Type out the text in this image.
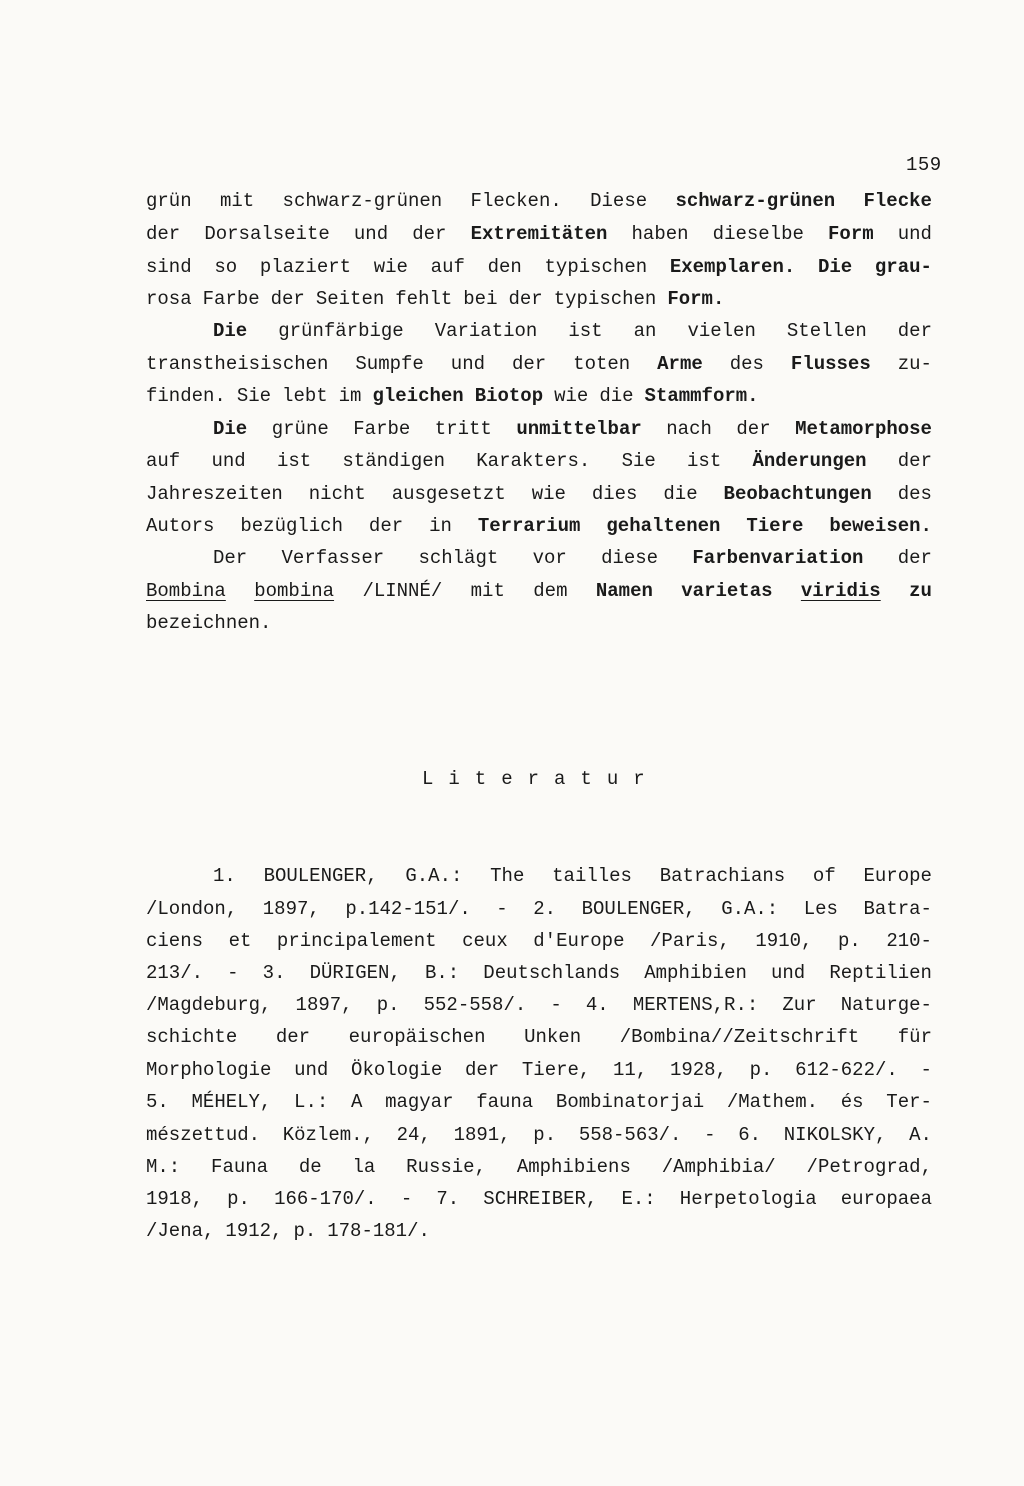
159
grün mit schwarz-grünen Flecken. Diese schwarz-grünen Flecke
der Dorsalseite und der Extremitäten haben dieselbe Form und
sind so plaziert wie auf den typischen Exemplaren. Die grau-
rosa Farbe der Seiten fehlt bei der typischen Form.
Die grünfärbige Variation ist an vielen Stellen der
transtheisischen Sumpfe und der toten Arme des Flusses zu-
finden. Sie lebt im gleichen Biotop wie die Stammform.
Die grüne Farbe tritt unmittelbar nach der Metamorphose
auf und ist ständigen Karakters. Sie ist Änderungen der
Jahreszeiten nicht ausgesetzt wie dies die Beobachtungen des
Autors bezüglich der in Terrarium gehaltenen Tiere beweisen.
Der Verfasser schlägt vor diese Farbenvariation der
Bombina bombina /LINNÉ/ mit dem Namen varietas viridis zu
bezeichnen.
Literatur
1. BOULENGER, G.A.: The tailles Batrachians of Europe
/London, 1897, p.142-151/. - 2. BOULENGER, G.A.: Les Batra-
ciens et principalement ceux d'Europe /Paris, 1910, p. 210-
213/. - 3. DÜRIGEN, B.: Deutschlands Amphibien und Reptilien
/Magdeburg, 1897, p. 552-558/. - 4. MERTENS,R.: Zur Naturge-
schichte der europäischen Unken /Bombina//Zeitschrift für
Morphologie und Ökologie der Tiere, 11, 1928, p. 612-622/. -
5. MÉHELY, L.: A magyar fauna Bombinatorjai /Mathem. és Ter-
mészettud. Közlem., 24, 1891, p. 558-563/. - 6. NIKOLSKY, A.
M.: Fauna de la Russie, Amphibiens /Amphibia/ /Petrograd,
1918, p. 166-170/. - 7. SCHREIBER, E.: Herpetologia europaea
/Jena, 1912, p. 178-181/.
